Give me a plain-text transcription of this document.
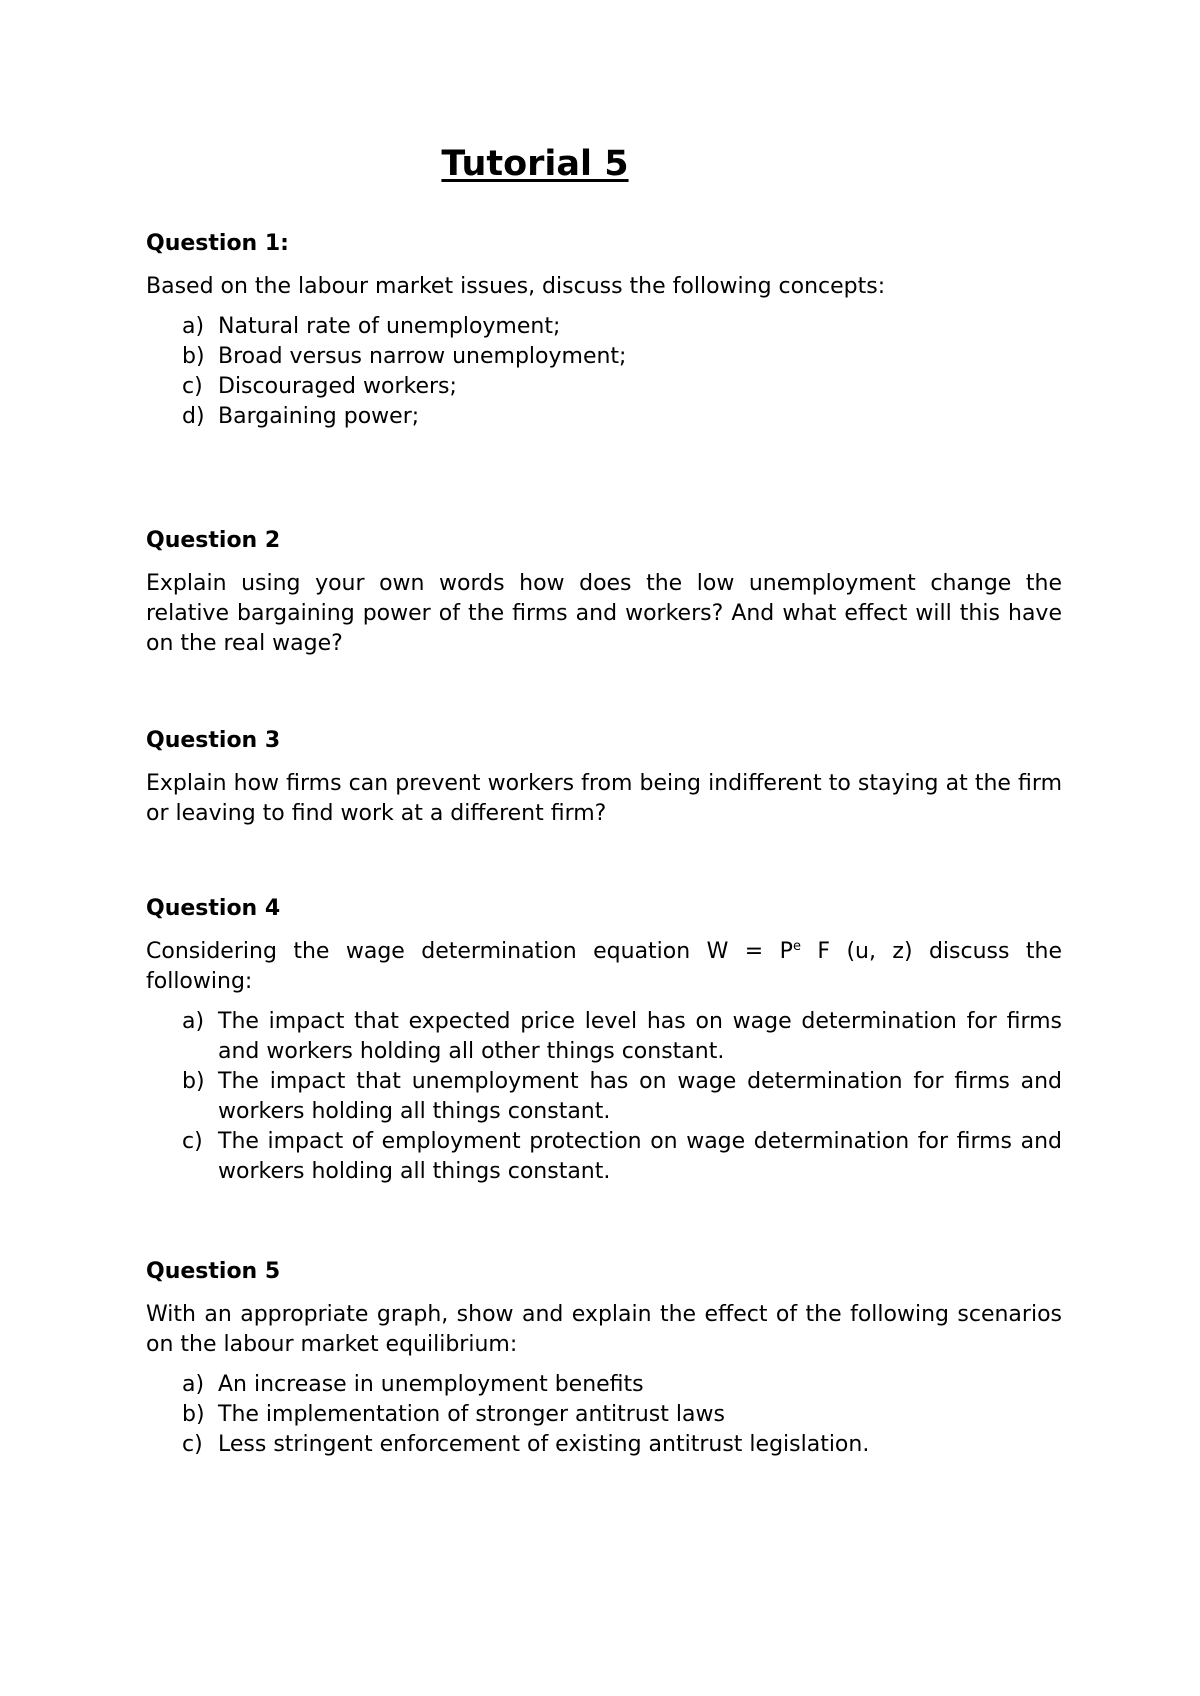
Tutorial 5

Question 1:

Based on the labour market issues, discuss the following concepts:

a) Natural rate of unemployment;
b) Broad versus narrow unemployment;
c) Discouraged workers;
d) Bargaining power;

Question 2

Explain using your own words how does the low unemployment change the relative bargaining power of the firms and workers? And what effect will this have on the real wage?

Question 3

Explain how firms can prevent workers from being indifferent to staying at the firm or leaving to find work at a different firm?

Question 4

Considering the wage determination equation $W = P^e$ F (u, z) discuss the following:

a) The impact that expected price level has on wage determination for firms and workers holding all other things constant.
b) The impact that unemployment has on wage determination for firms and workers holding all things constant.
c) The impact of employment protection on wage determination for firms and workers holding all things constant.

Question 5

With an appropriate graph, show and explain the effect of the following scenarios on the labour market equilibrium:

a) An increase in unemployment benefits
b) The implementation of stronger antitrust laws
c) Less stringent enforcement of existing antitrust legislation.
